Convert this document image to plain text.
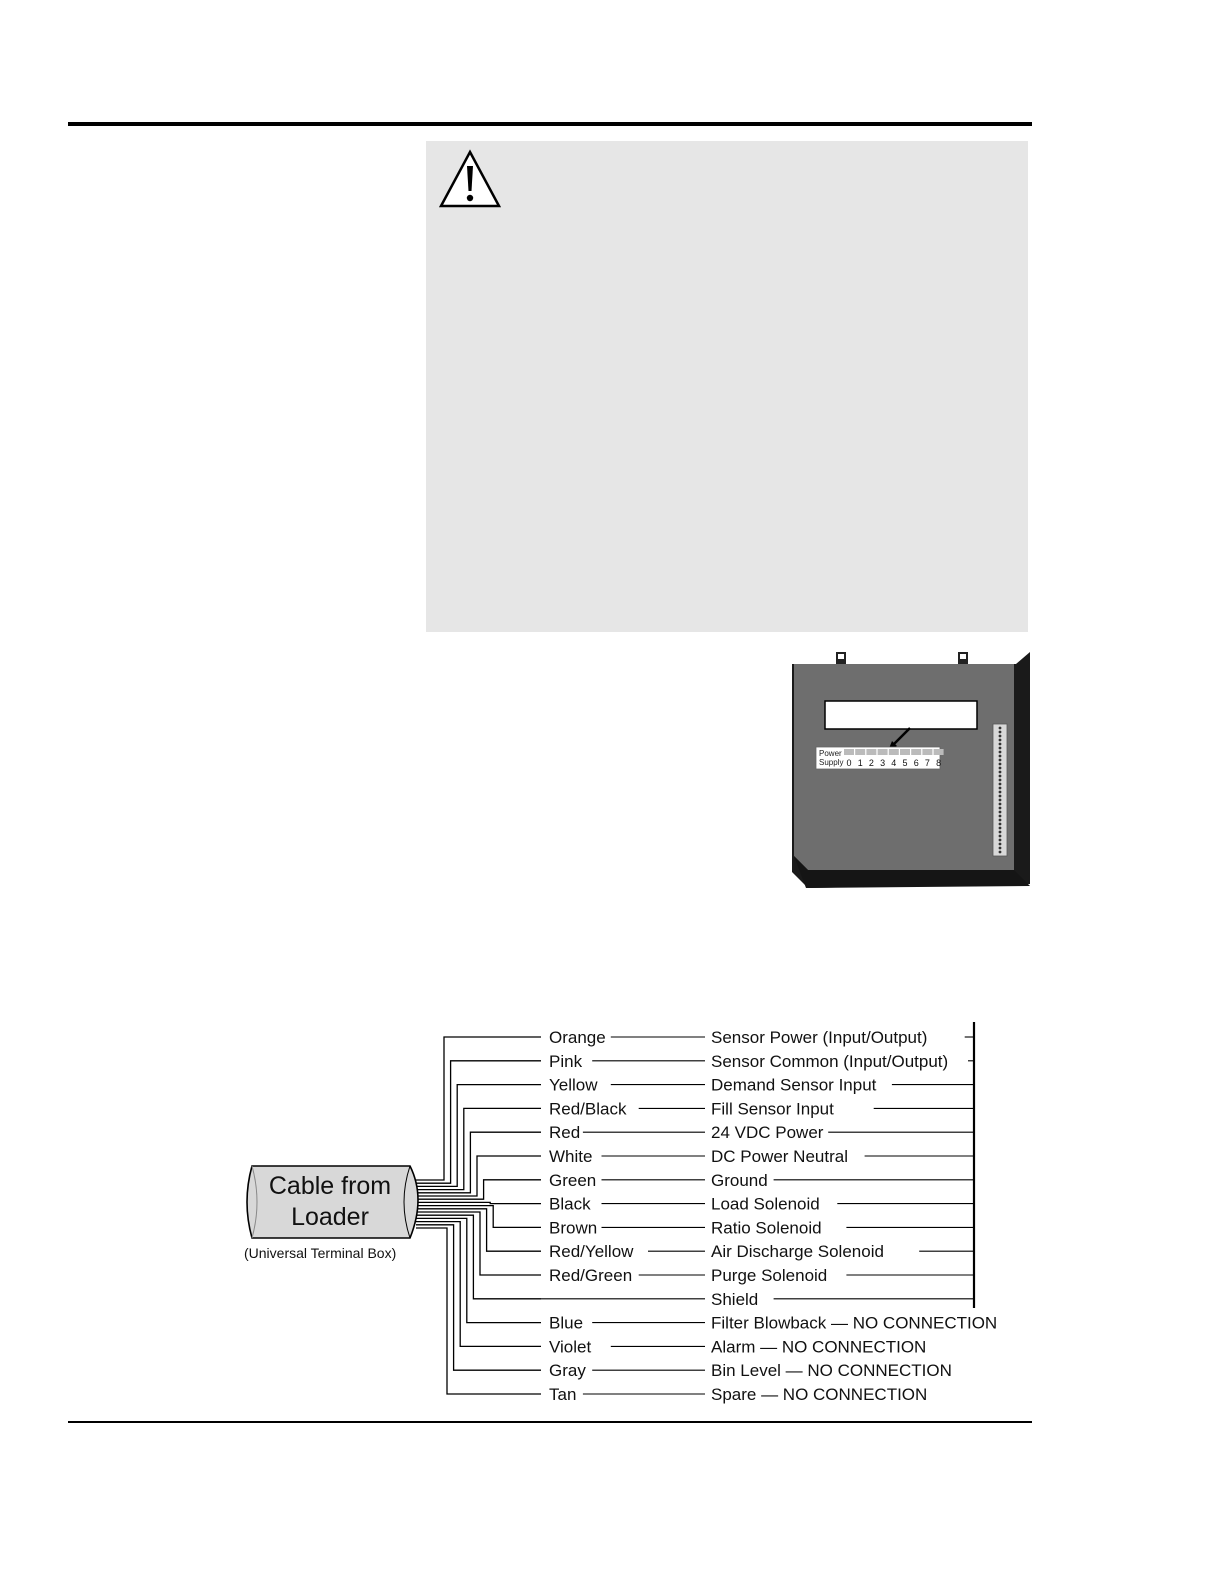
Power
Supply 0 1 2 3 4 5 6 7 8
Orange	Sensor Power (Input/Output)
Pink	Sensor Common (Input/Output)
Yellow	Demand Sensor Input
Red/Black	Fill Sensor Input
Red	24 VDC Power
White	DC Power Neutral
Green	Ground
Black	Load Solenoid
Brown	Ratio Solenoid
Red/Yellow	Air Discharge Solenoid
Red/Green	Purge Solenoid
Shield
Blue	Filter Blowback — NO CONNECTION
Violet	Alarm — NO CONNECTION
Gray	Bin Level — NO CONNECTION
Tan	Spare — NO CONNECTION
Cable from
Loader
(Universal Terminal Box)
